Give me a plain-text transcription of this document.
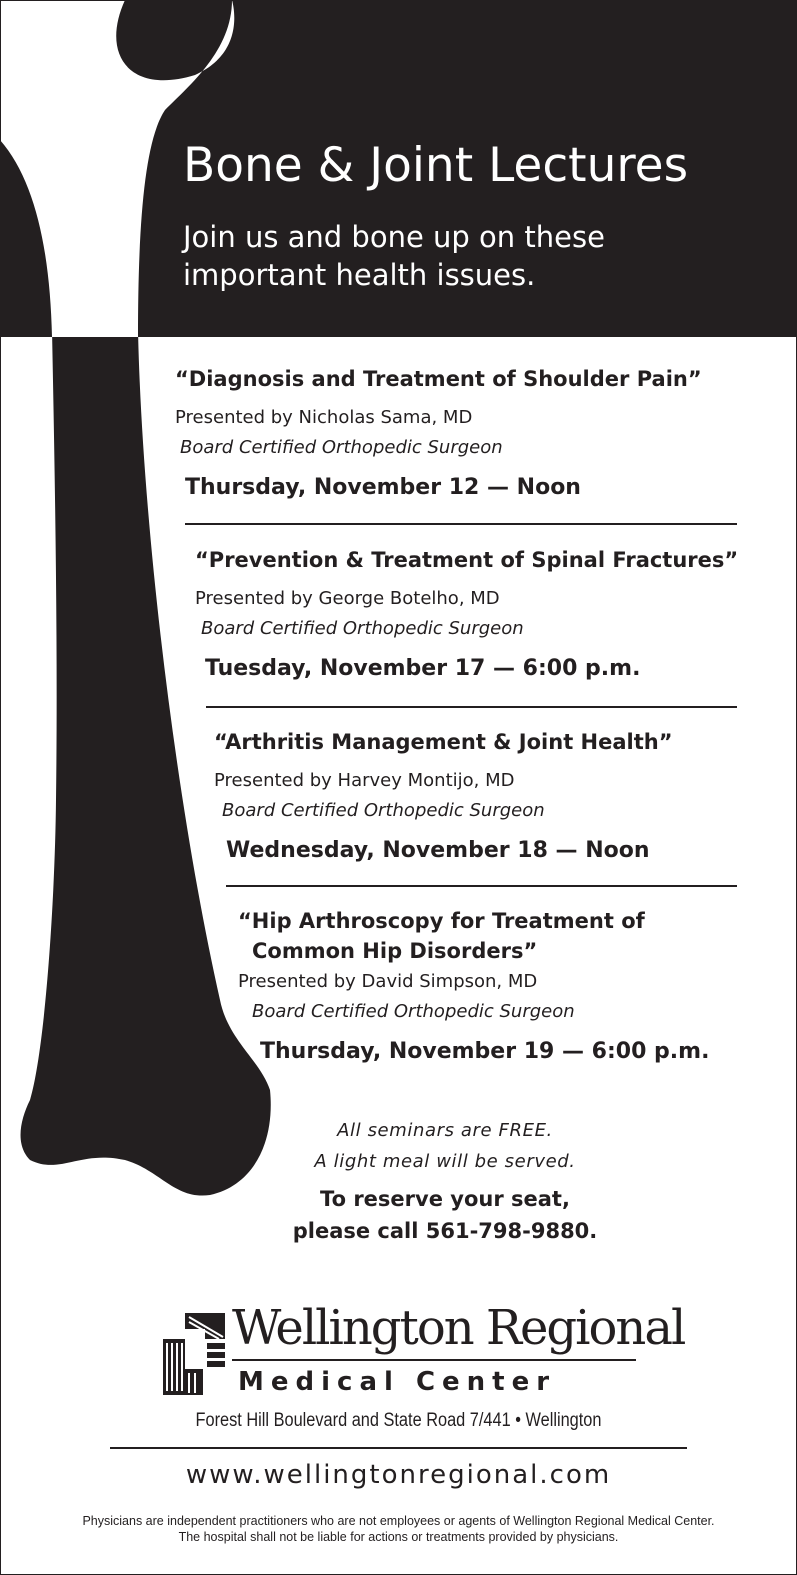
Bone & Joint Lectures
Join us and bone up on these important health issues.
“Diagnosis and Treatment of Shoulder Pain”
Presented by Nicholas Sama, MD
Board Certified Orthopedic Surgeon
Thursday, November 12 — Noon
“Prevention & Treatment of Spinal Fractures”
Presented by George Botelho, MD
Board Certified Orthopedic Surgeon
Tuesday, November 17 — 6:00 p.m.
“Arthritis Management & Joint Health”
Presented by Harvey Montijo, MD
Board Certified Orthopedic Surgeon
Wednesday, November 18 — Noon
“Hip Arthroscopy for Treatment of
Common Hip Disorders”
Presented by David Simpson, MD
Board Certified Orthopedic Surgeon
Thursday, November 19 — 6:00 p.m.
All seminars are FREE.
A light meal will be served.
To reserve your seat,
please call 561-798-9880.
Wellington Regional
Medical Center
Forest Hill Boulevard and State Road 7/441 • Wellington
www.wellingtonregional.com
Physicians are independent practitioners who are not employees or agents of Wellington Regional Medical Center.
The hospital shall not be liable for actions or treatments provided by physicians.
